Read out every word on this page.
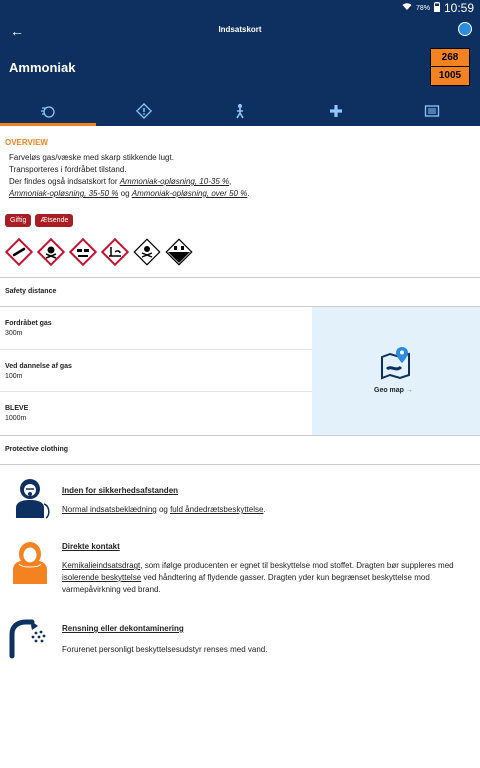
78% 10:59
←	Indsatskort
Ammoniak
268
1005
OVERVIEW
Farveløs gas/væske med skarp stikkende lugt.
Transporteres i fordråbet tilstand.
Der findes også indsatskort for Ammoniak-opløsning, 10-35 %,
Ammoniak-opløsning, 35-50 % og Ammoniak-opløsning, over 50 %.
Giftig	Ætsende
Safety distance
Fordråbet gas
300m
Ved dannelse af gas
100m
BLEVE
1000m
Geo map →
Protective clothing
Inden for sikkerhedsafstanden
Normal indsatsbeklædning og fuld åndedrætsbeskyttelse.
Direkte kontakt
Kemikalieindsatsdragt, som ifølge producenten er egnet til beskyttelse mod stoffet. Dragten bør suppleres med isolerende beskyttelse ved håndtering af flydende gasser. Dragten yder kun begrænset beskyttelse mod varmepåvirkning ved brand.
Rensning eller dekontaminering
Forurenet personligt beskyttelsesudstyr renses med vand.
